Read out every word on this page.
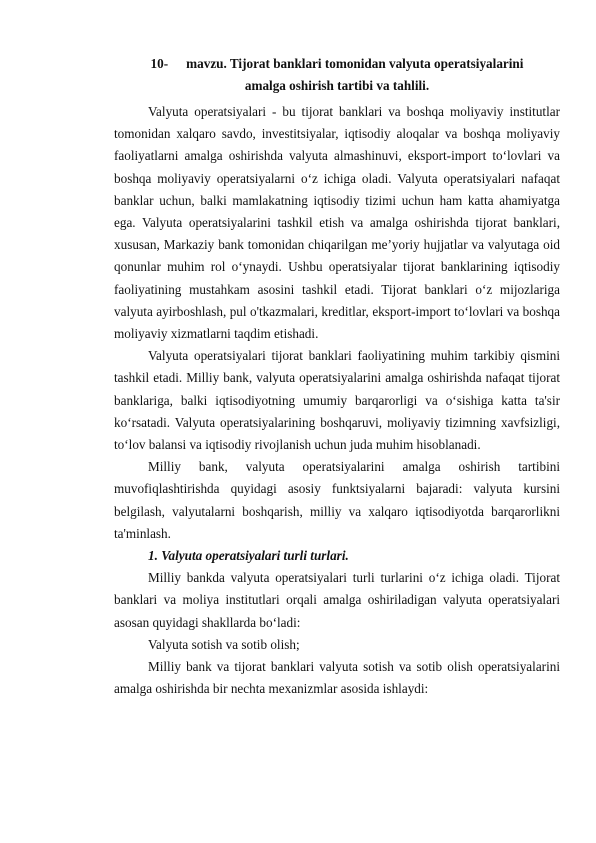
10- mavzu. Tijorat banklari tomonidan valyuta operatsiyalarini
amalga oshirish tartibi va tahlili.

Valyuta operatsiyalari - bu tijorat banklari va boshqa moliyaviy institutlar tomonidan xalqaro savdo, investitsiyalar, iqtisodiy aloqalar va boshqa moliyaviy faoliyatlarni amalga oshirishda valyuta almashinuvi, eksport-import to‘lovlari va boshqa moliyaviy operatsiyalarni o‘z ichiga oladi. Valyuta operatsiyalari nafaqat banklar uchun, balki mamlakatning iqtisodiy tizimi uchun ham katta ahamiyatga ega. Valyuta operatsiyalarini tashkil etish va amalga oshirishda tijorat banklari, xususan, Markaziy bank tomonidan chiqarilgan me’yoriy hujjatlar va valyutaga oid qonunlar muhim rol o‘ynaydi. Ushbu operatsiyalar tijorat banklarining iqtisodiy faoliyatining mustahkam asosini tashkil etadi. Tijorat banklari o‘z mijozlariga valyuta ayirboshlash, pul o'tkazmalari, kreditlar, eksport-import to‘lovlari va boshqa moliyaviy xizmatlarni taqdim etishadi.

Valyuta operatsiyalari tijorat banklari faoliyatining muhim tarkibiy qismini tashkil etadi. Milliy bank, valyuta operatsiyalarini amalga oshirishda nafaqat tijorat banklariga, balki iqtisodiyotning umumiy barqarorligi va o‘sishiga katta ta'sir ko‘rsatadi. Valyuta operatsiyalarining boshqaruvi, moliyaviy tizimning xavfsizligi, to‘lov balansi va iqtisodiy rivojlanish uchun juda muhim hisoblanadi.

Milliy bank, valyuta operatsiyalarini amalga oshirish tartibini muvofiqlashtirishda quyidagi asosiy funktsiyalarni bajaradi: valyuta kursini belgilash, valyutalarni boshqarish, milliy va xalqaro iqtisodiyotda barqarorlikni ta'minlash.

1. Valyuta operatsiyalari turli turlari.

Milliy bankda valyuta operatsiyalari turli turlarini o‘z ichiga oladi. Tijorat banklari va moliya institutlari orqali amalga oshiriladigan valyuta operatsiyalari asosan quyidagi shakllarda bo‘ladi:

Valyuta sotish va sotib olish;

Milliy bank va tijorat banklari valyuta sotish va sotib olish operatsiyalarini amalga oshirishda bir nechta mexanizmlar asosida ishlaydi:
